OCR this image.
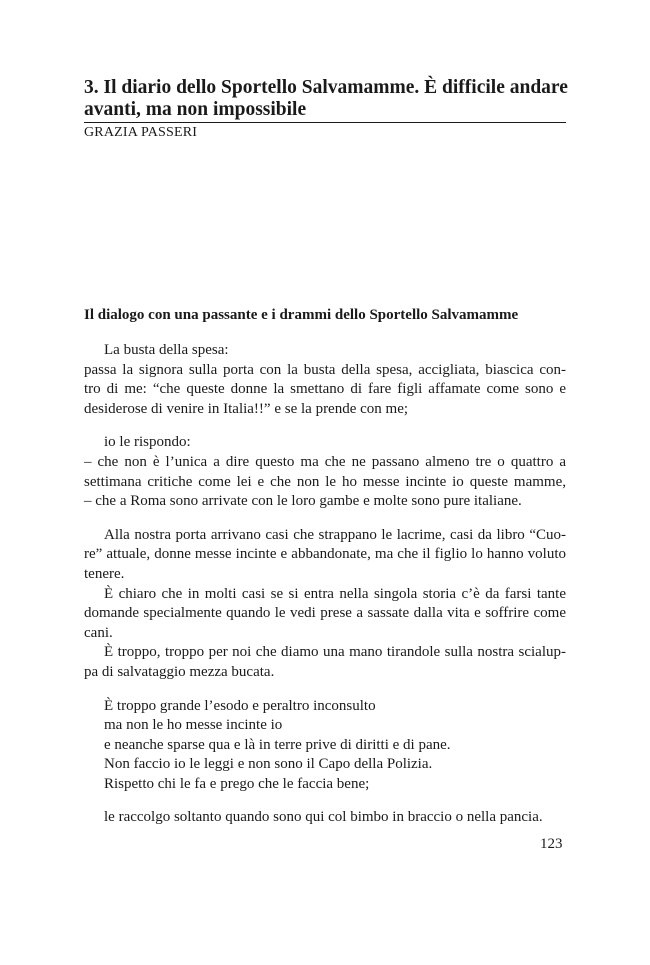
3. Il diario dello Sportello Salvamamme. È difficile andare
avanti, ma non impossibile
GRAZIA PASSERI
Il dialogo con una passante e i drammi dello Sportello Salvamamme
La busta della spesa:
passa la signora sulla porta con la busta della spesa, accigliata, biascica con-
tro di me: “che queste donne la smettano di fare figli affamate come sono e
desiderose di venire in Italia!!” e se la prende con me;
io le rispondo:
– che non è l’unica a dire questo ma che ne passano almeno tre o quattro a
settimana critiche come lei e che non le ho messe incinte io queste mamme,
– che a Roma sono arrivate con le loro gambe e molte sono pure italiane.
Alla nostra porta arrivano casi che strappano le lacrime, casi da libro “Cuo-
re” attuale, donne messe incinte e abbandonate, ma che il figlio lo hanno voluto
tenere.
È chiaro che in molti casi se si entra nella singola storia c’è da farsi tante
domande specialmente quando le vedi prese a sassate dalla vita e soffrire come
cani.
È troppo, troppo per noi che diamo una mano tirandole sulla nostra scialup-
pa di salvataggio mezza bucata.
È troppo grande l’esodo e peraltro inconsulto
ma non le ho messe incinte io
e neanche sparse qua e là in terre prive di diritti e di pane.
Non faccio io le leggi e non sono il Capo della Polizia.
Rispetto chi le fa e prego che le faccia bene;
le raccolgo soltanto quando sono qui col bimbo in braccio o nella pancia.
123
